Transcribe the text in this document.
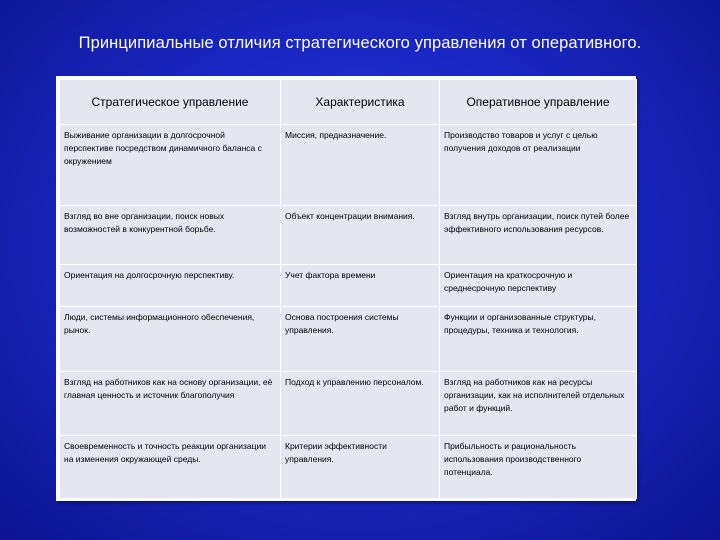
Принципиальные отличия стратегического управления от оперативного.
Стратегическое управление	Характеристика	Оперативное управление
Выживание организации в долгосрочной перспективе посредством динамичного баланса с окружением	Миссия, предназначение.	Производство товаров и услуг с целью получения доходов от реализации
Взгляд во вне организации, поиск новых возможностей в конкурентной борьбе.	Объект концентрации внимания.	Взгляд внутрь организации, поиск путей более эффективного использования ресурсов.
Ориентация на долгосрочную перспективу.	Учет фактора времени	Ориентация на краткосрочную и среднесрочную перспективу
Люди, системы информационного обеспечения, рынок.	Основа построения системы управления.	Функции и организованные структуры, процедуры, техника и технология.
Взгляд на работников как на основу организации, её главная ценность и источник благополучия	Подход к управлению персоналом.	Взгляд на работников как на ресурсы организации, как на исполнителей отдельных работ и функций.
Своевременность и точность реакции организации на изменения окружающей среды.	Критерии эффективности управления.	Прибыльность и рациональность использования производственного потенциала.
